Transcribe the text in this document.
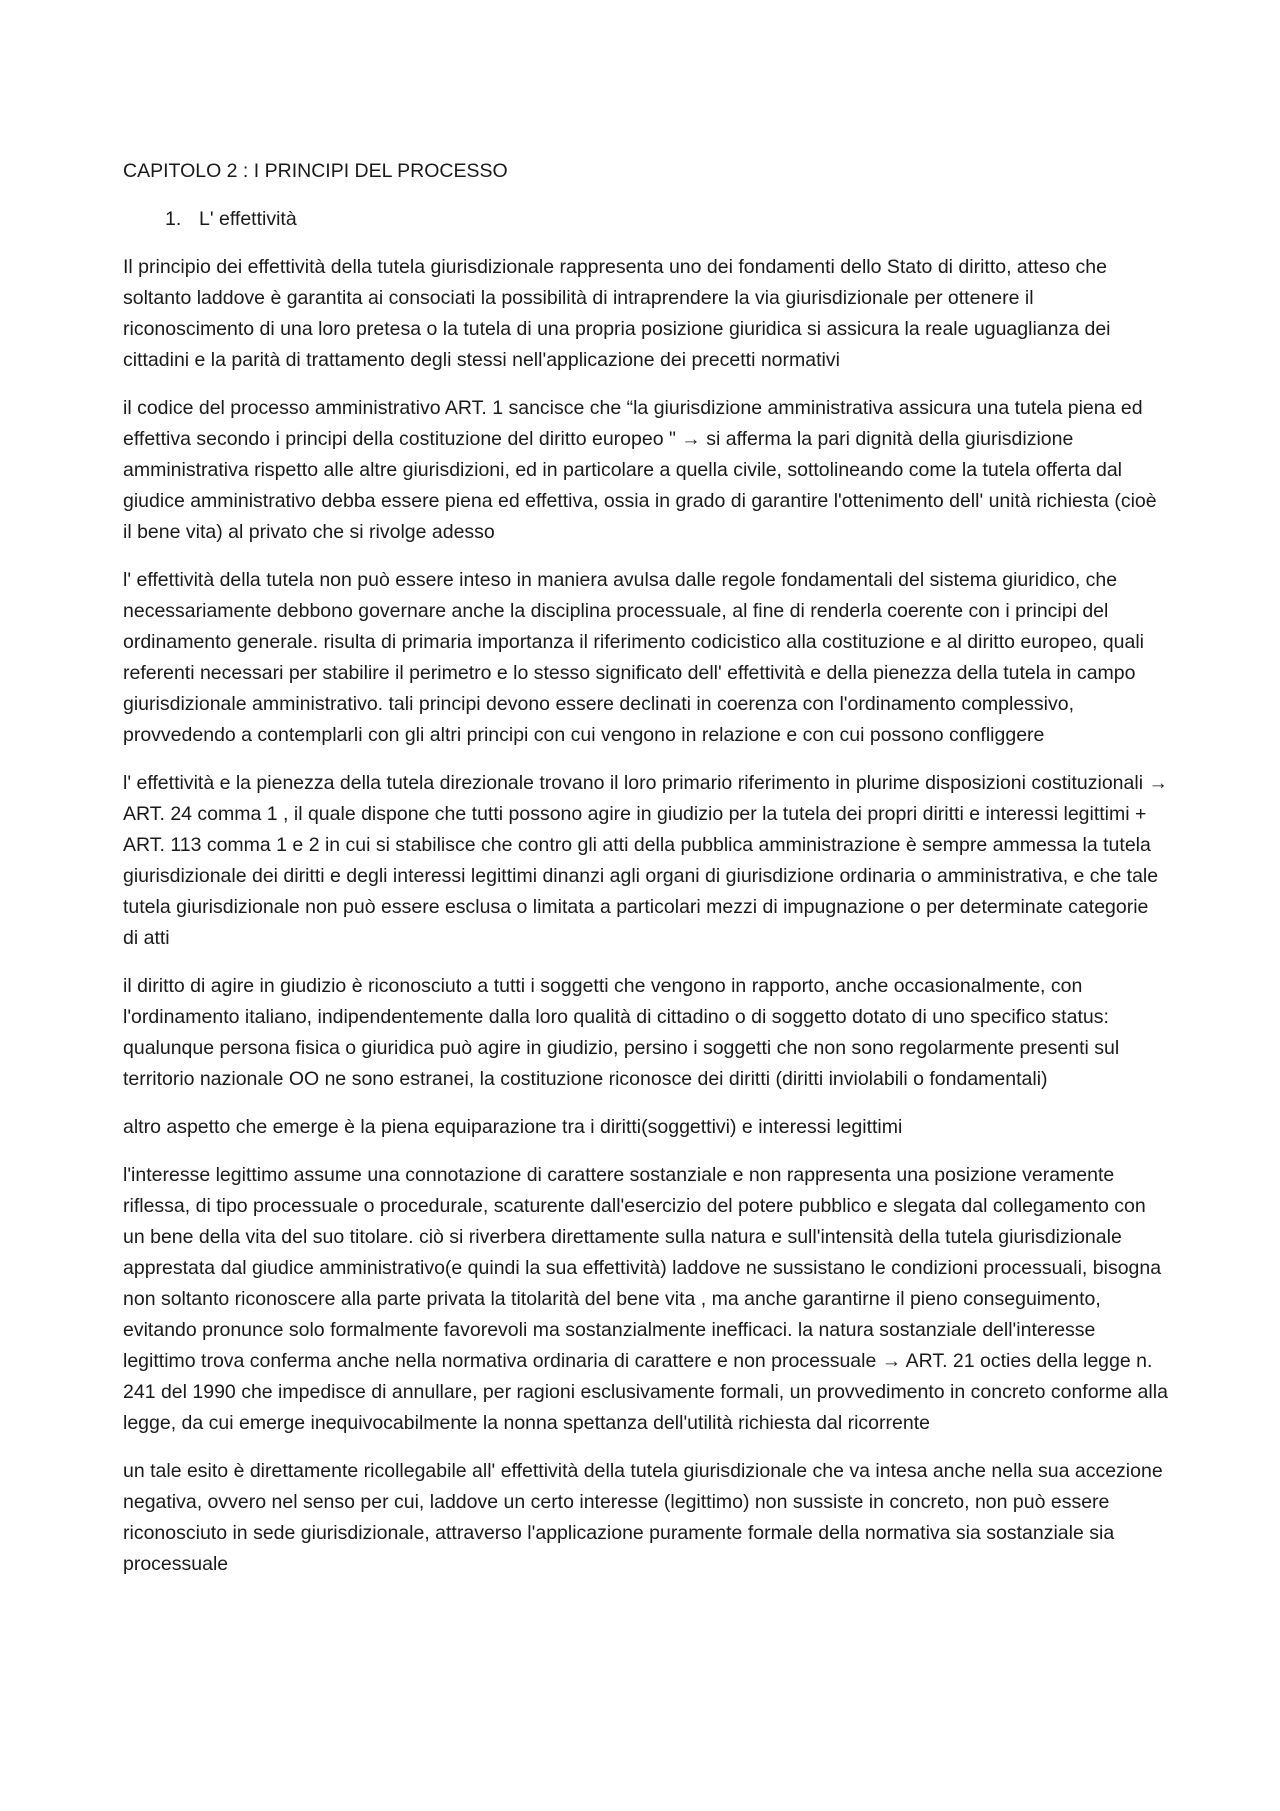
CAPITOLO 2 : I PRINCIPI DEL PROCESSO
1. L' effettività

Il principio dei effettività della tutela giurisdizionale rappresenta uno dei fondamenti dello Stato di diritto, atteso che soltanto laddove è garantita ai consociati la possibilità di intraprendere la via giurisdizionale per ottenere il riconoscimento di una loro pretesa o la tutela di una propria posizione giuridica si assicura la reale uguaglianza dei cittadini e la parità di trattamento degli stessi nell'applicazione dei precetti normativi

il codice del processo amministrativo ART. 1 sancisce che “la giurisdizione amministrativa assicura una tutela piena ed effettiva secondo i principi della costituzione del diritto europeo " → si afferma la pari dignità della giurisdizione amministrativa rispetto alle altre giurisdizioni, ed in particolare a quella civile, sottolineando come la tutela offerta dal giudice amministrativo debba essere piena ed effettiva, ossia in grado di garantire l'ottenimento dell' unità richiesta (cioè il bene vita) al privato che si rivolge adesso

l' effettività della tutela non può essere inteso in maniera avulsa dalle regole fondamentali del sistema giuridico, che necessariamente debbono governare anche la disciplina processuale, al fine di renderla coerente con i principi del ordinamento generale. risulta di primaria importanza il riferimento codicistico alla costituzione e al diritto europeo, quali referenti necessari per stabilire il perimetro e lo stesso significato dell' effettività e della pienezza della tutela in campo giurisdizionale amministrativo. tali principi devono essere declinati in coerenza con l'ordinamento complessivo, provvedendo a contemplarli con gli altri principi con cui vengono in relazione e con cui possono confliggere

l' effettività e la pienezza della tutela direzionale trovano il loro primario riferimento in plurime disposizioni costituzionali → ART. 24 comma 1 , il quale dispone che tutti possono agire in giudizio per la tutela dei propri diritti e interessi legittimi + ART. 113 comma 1 e 2 in cui si stabilisce che contro gli atti della pubblica amministrazione è sempre ammessa la tutela giurisdizionale dei diritti e degli interessi legittimi dinanzi agli organi di giurisdizione ordinaria o amministrativa, e che tale tutela giurisdizionale non può essere esclusa o limitata a particolari mezzi di impugnazione o per determinate categorie di atti

il diritto di agire in giudizio è riconosciuto a tutti i soggetti che vengono in rapporto, anche occasionalmente, con l'ordinamento italiano, indipendentemente dalla loro qualità di cittadino o di soggetto dotato di uno specifico status: qualunque persona fisica o giuridica può agire in giudizio, persino i soggetti che non sono regolarmente presenti sul territorio nazionale OO ne sono estranei, la costituzione riconosce dei diritti (diritti inviolabili o fondamentali)

altro aspetto che emerge è la piena equiparazione tra i diritti(soggettivi) e interessi legittimi

l'interesse legittimo assume una connotazione di carattere sostanziale e non rappresenta una posizione veramente riflessa, di tipo processuale o procedurale, scaturente dall'esercizio del potere pubblico e slegata dal collegamento con un bene della vita del suo titolare. ciò si riverbera direttamente sulla natura e sull'intensità della tutela giurisdizionale apprestata dal giudice amministrativo(e quindi la sua effettività) laddove ne sussistano le condizioni processuali, bisogna non soltanto riconoscere alla parte privata la titolarità del bene vita , ma anche garantirne il pieno conseguimento, evitando pronunce solo formalmente favorevoli ma sostanzialmente inefficaci. la natura sostanziale dell'interesse legittimo trova conferma anche nella normativa ordinaria di carattere e non processuale → ART. 21 octies della legge n. 241 del 1990 che impedisce di annullare, per ragioni esclusivamente formali, un provvedimento in concreto conforme alla legge, da cui emerge inequivocabilmente la nonna spettanza dell'utilità richiesta dal ricorrente

un tale esito è direttamente ricollegabile all' effettività della tutela giurisdizionale che va intesa anche nella sua accezione negativa, ovvero nel senso per cui, laddove un certo interesse (legittimo) non sussiste in concreto, non può essere riconosciuto in sede giurisdizionale, attraverso l'applicazione puramente formale della normativa sia sostanziale sia processuale
